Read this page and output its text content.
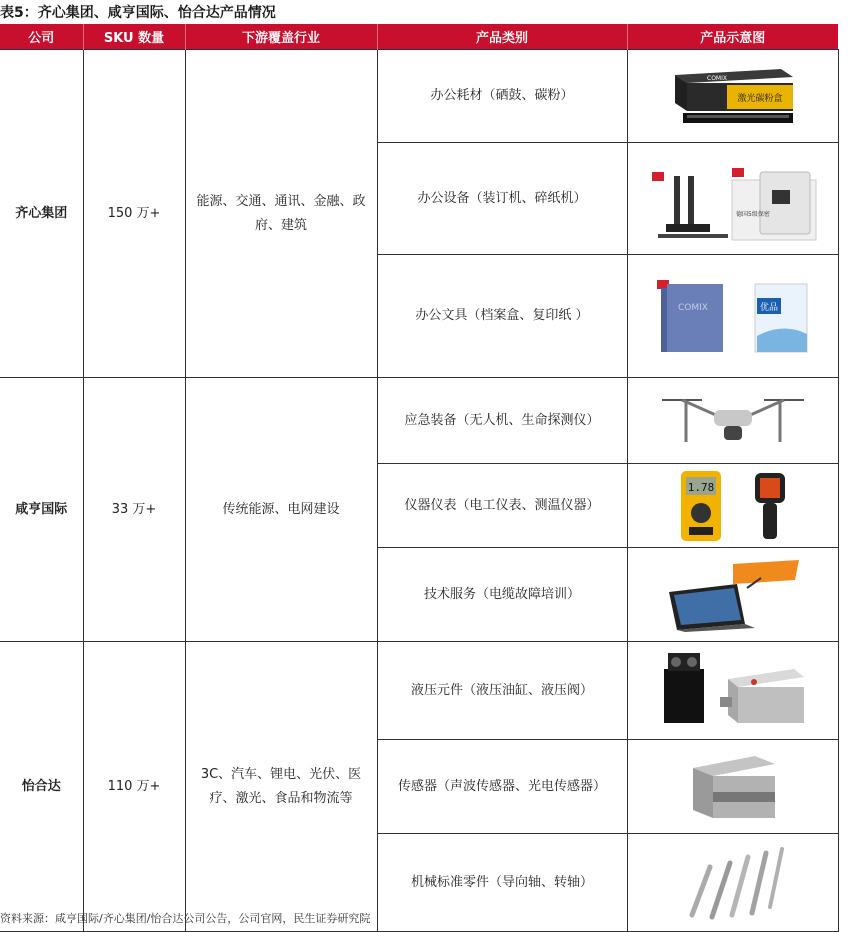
表5：齐心集团、咸亨国际、怡合达产品情况
公司	SKU 数量	下游覆盖行业	产品类别	产品示意图
齐心集团	150 万+	能源、交通、通讯、金融、政府、建筑	办公耗材（硒鼓、碳粉）	激光碳粉盒
COMIX

			办公设备（装订机、碎纸机）	德国5级保密

			办公文具（档案盒、复印纸 ）	COMIX 优品

咸亨国际	33 万+	传统能源、电网建设	应急装备（无人机、生命探测仪）	

			仪器仪表（电工仪表、测温仪器）	1.78

			技术服务（电缆故障培训）	

怡合达	110 万+	3C、汽车、锂电、光伏、医疗、激光、食品和物流等	液压元件（液压油缸、液压阀）	

			传感器（声波传感器、光电传感器）	

			机械标准零件（导向轴、转轴）	
资料来源：咸亨国际/齐心集团/怡合达公司公告，公司官网，民生证券研究院
